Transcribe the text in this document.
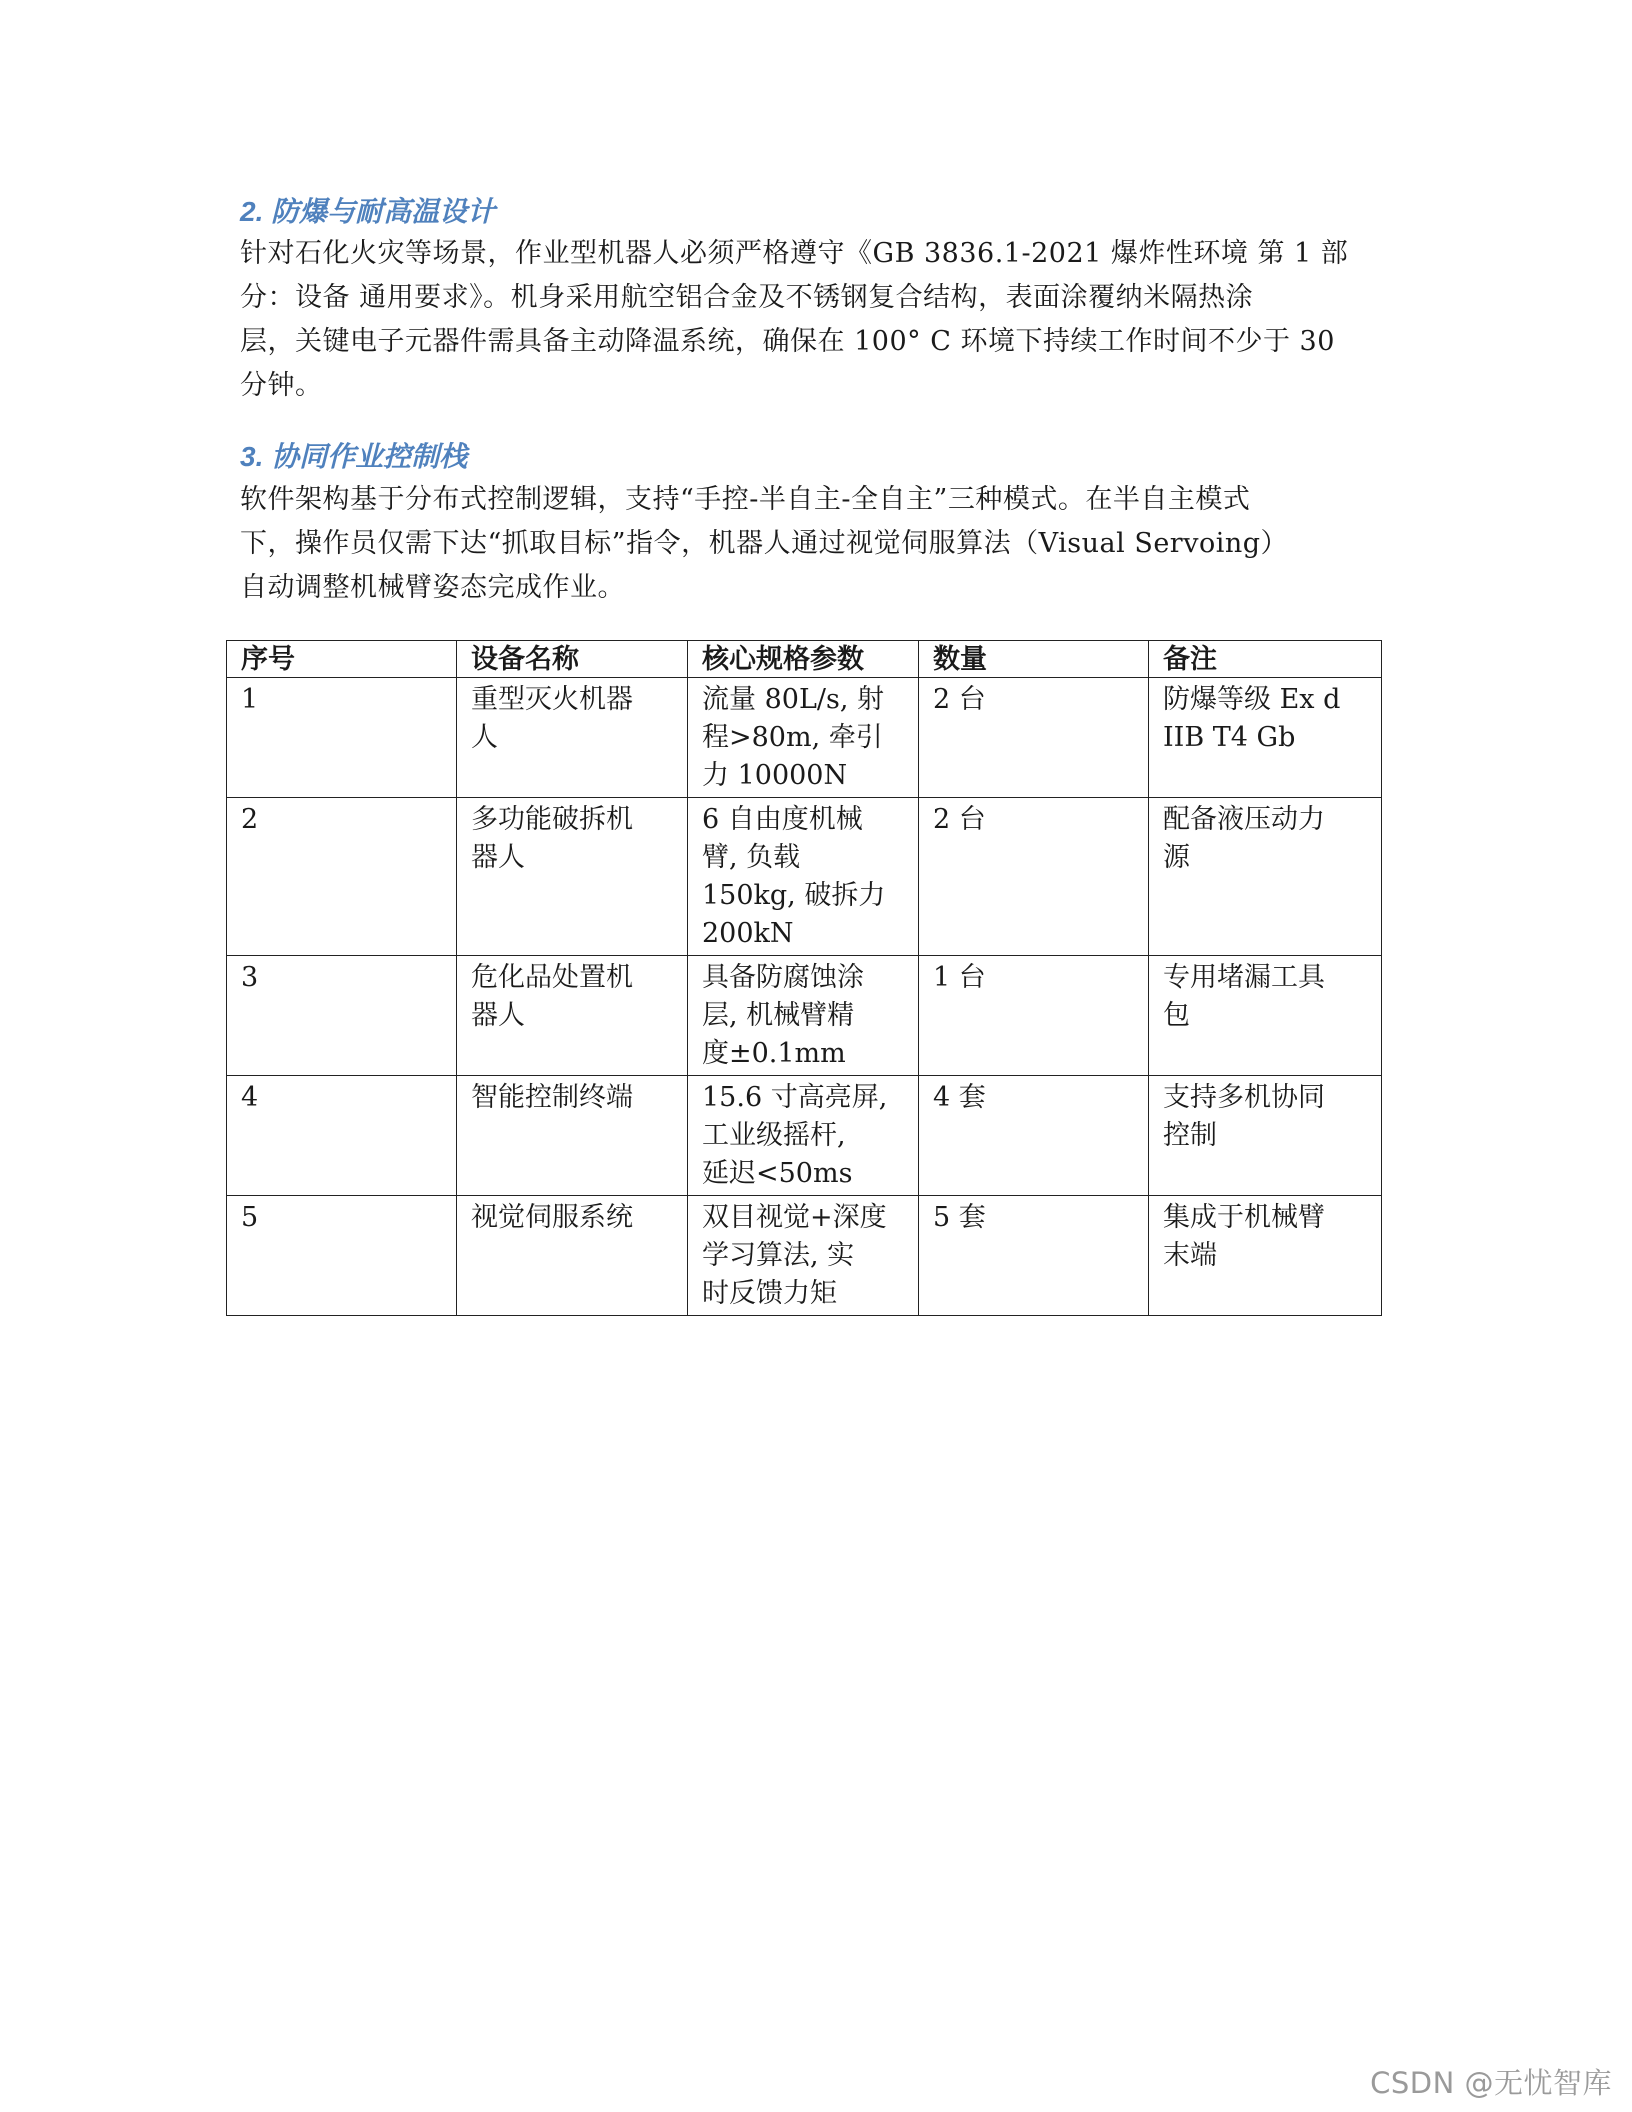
2. 防爆与耐高温设计

针对石化火灾等场景，作业型机器人必须严格遵守《GB 3836.1-2021 爆炸性环境 第 1 部
分：设备 通用要求》。机身采用航空铝合金及不锈钢复合结构，表面涂覆纳米隔热涂
层，关键电子元器件需具备主动降温系统，确保在 100° C 环境下持续工作时间不少于 30
分钟。

3. 协同作业控制栈

软件架构基于分布式控制逻辑，支持“手控-半自主-全自主”三种模式。在半自主模式
下，操作员仅需下达“抓取目标”指令，机器人通过视觉伺服算法（Visual Servoing）
自动调整机械臂姿态完成作业。

序号	设备名称	核心规格参数	数量	备注
1	重型灭火机器
人	流量 80L/s, 射
程>80m, 牵引
力 10000N	2 台	防爆等级 Ex d
IIB T4 Gb

2	多功能破拆机
器人	6 自由度机械
臂, 负载
150kg, 破拆力
200kN	2 台	配备液压动力
源

3	危化品处置机
器人	具备防腐蚀涂
层, 机械臂精
度±0.1mm	1 台	专用堵漏工具
包

4	智能控制终端	15.6 寸高亮屏,
工业级摇杆,
延迟<50ms	4 套	支持多机协同
控制

5	视觉伺服系统	双目视觉+深度
学习算法, 实
时反馈力矩	5 套	集成于机械臂
末端
CSDN @无忧智库
